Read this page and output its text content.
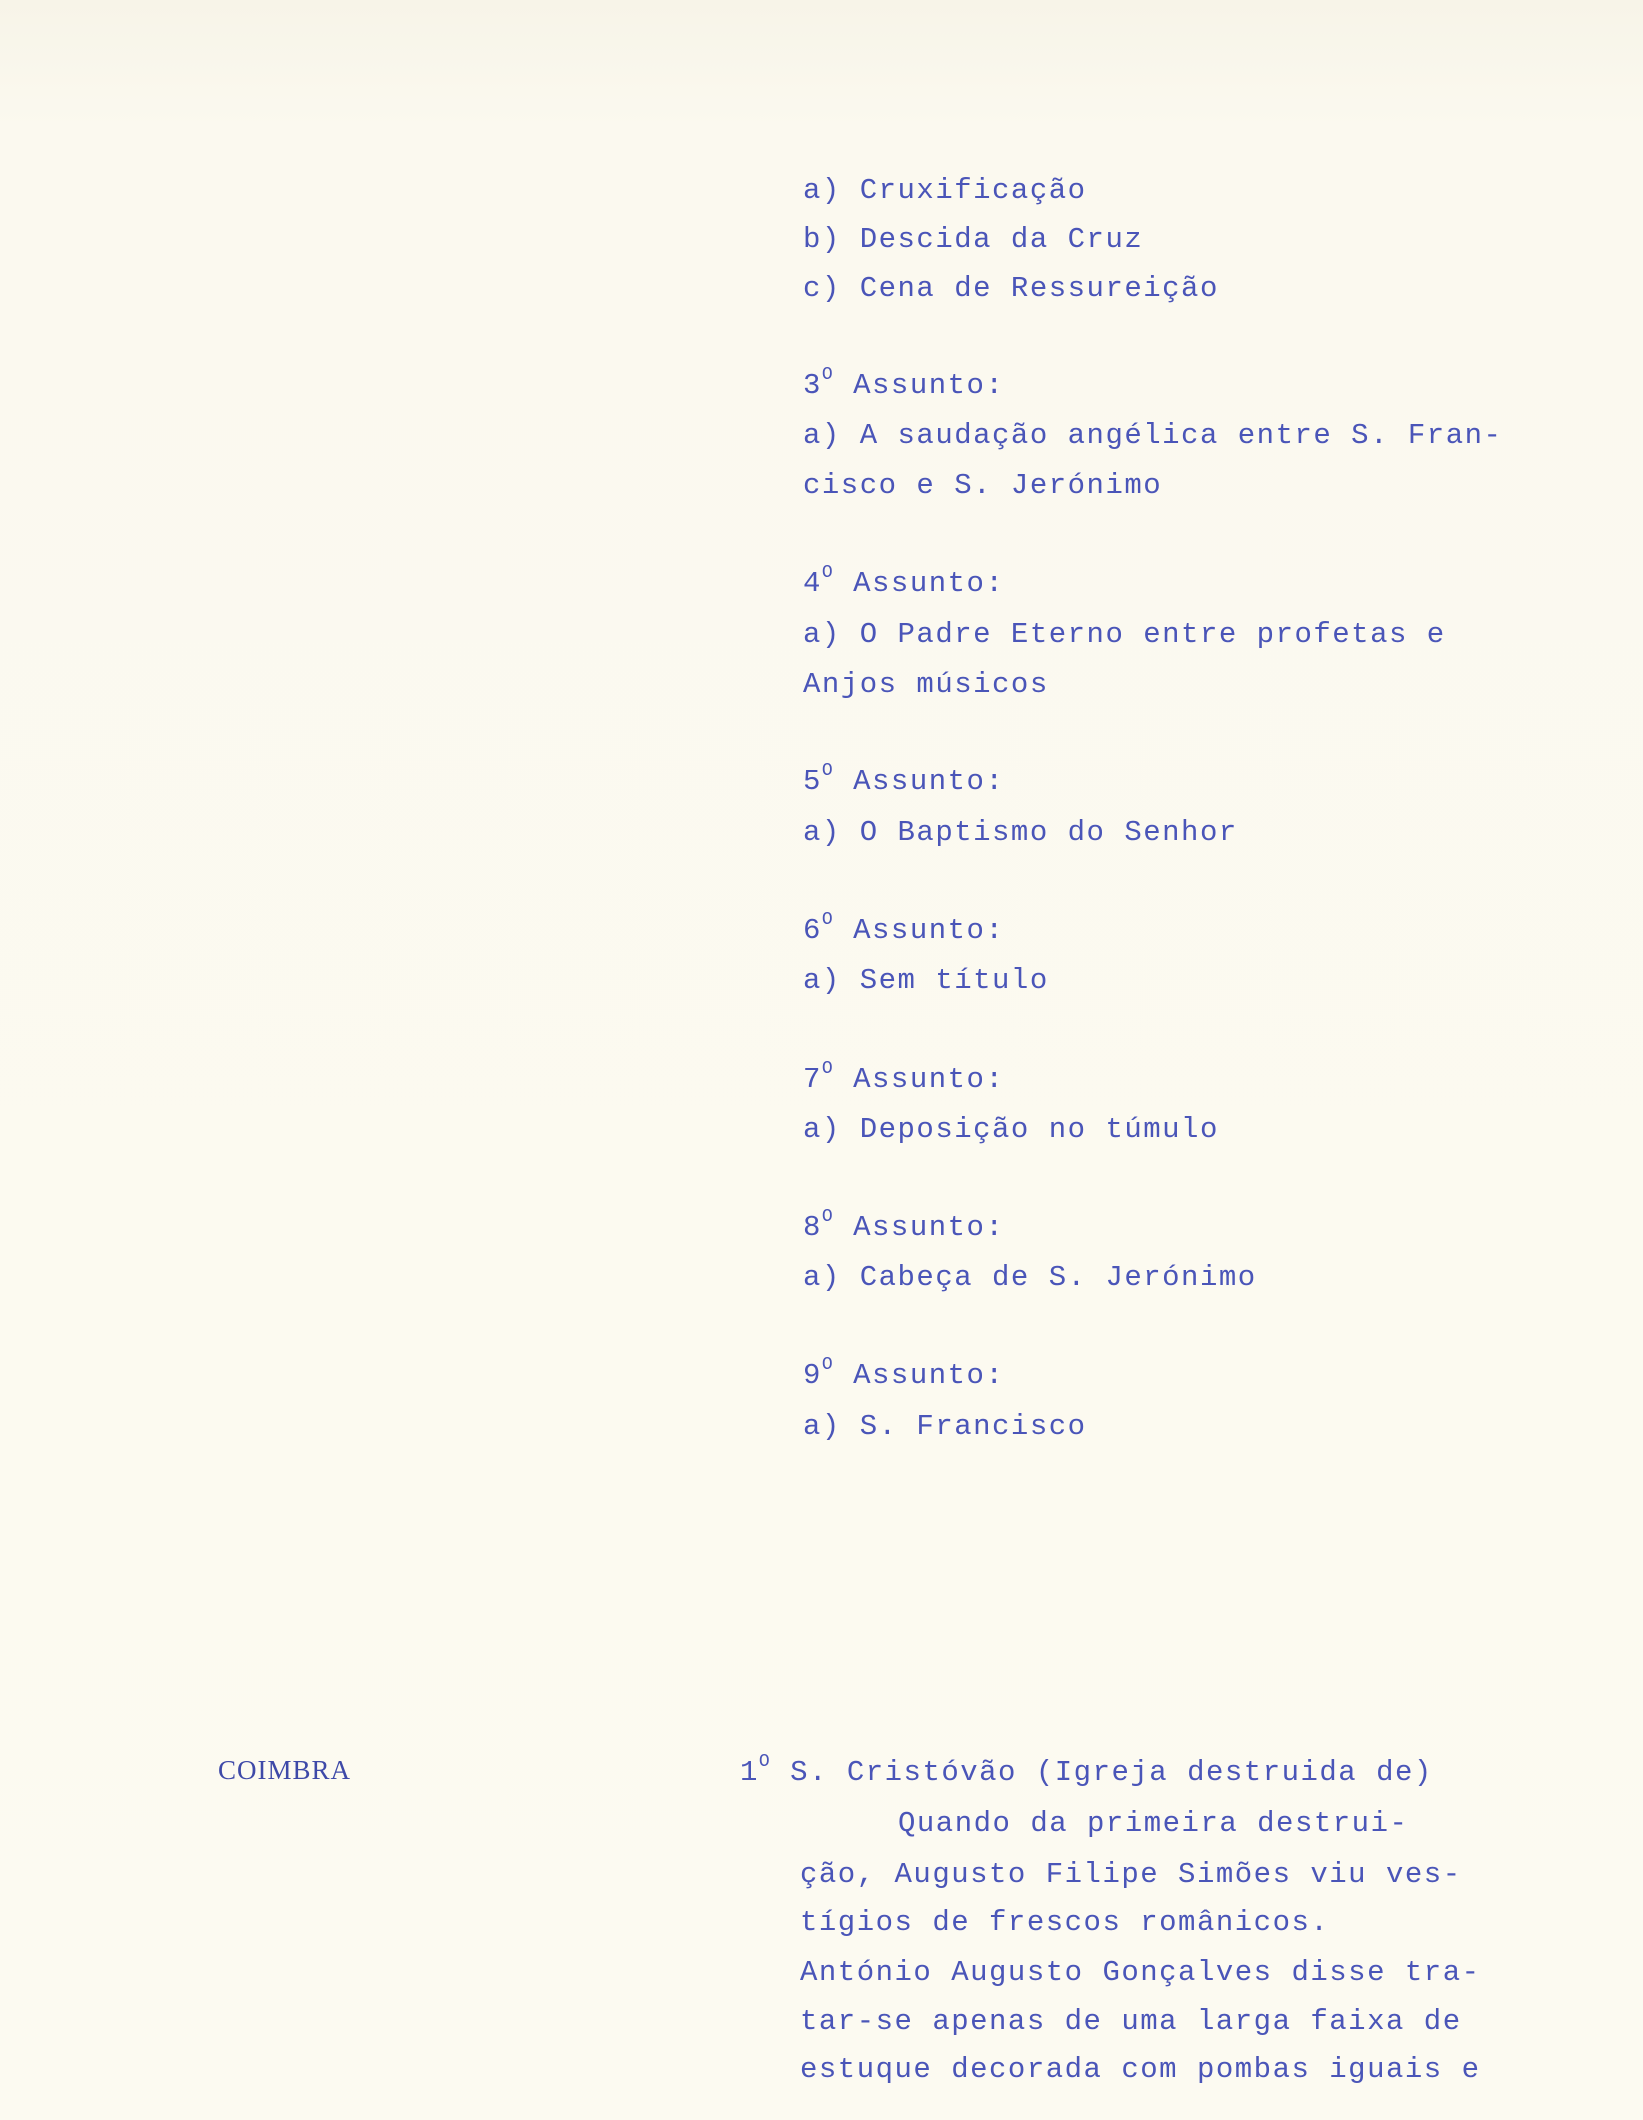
a) Cruxificação
b) Descida da Cruz
c) Cena de Ressureição
$3^O$ Assunto:
a) A saudação angélica entre S. Fran-
cisco e S. Jerónimo
$4^O$ Assunto:
a) O Padre Eterno entre profetas e
Anjos músicos
$5^O$ Assunto:
a) O Baptismo do Senhor
$6^O$ Assunto:
a) Sem título
$7^O$ Assunto:
a) Deposição no túmulo
$8^O$ Assunto:
a) Cabeça de S. Jerónimo
$9^O$ Assunto:
a) S. Francisco
COIMBRA	$1^O$ S. Cristóvão (Igreja destruida de)
Quando da primeira destrui-
ção, Augusto Filipe Simões viu ves-
tígios de frescos românicos.
António Augusto Gonçalves disse tra-
tar-se apenas de uma larga faixa de
estuque decorada com pombas iguais e
